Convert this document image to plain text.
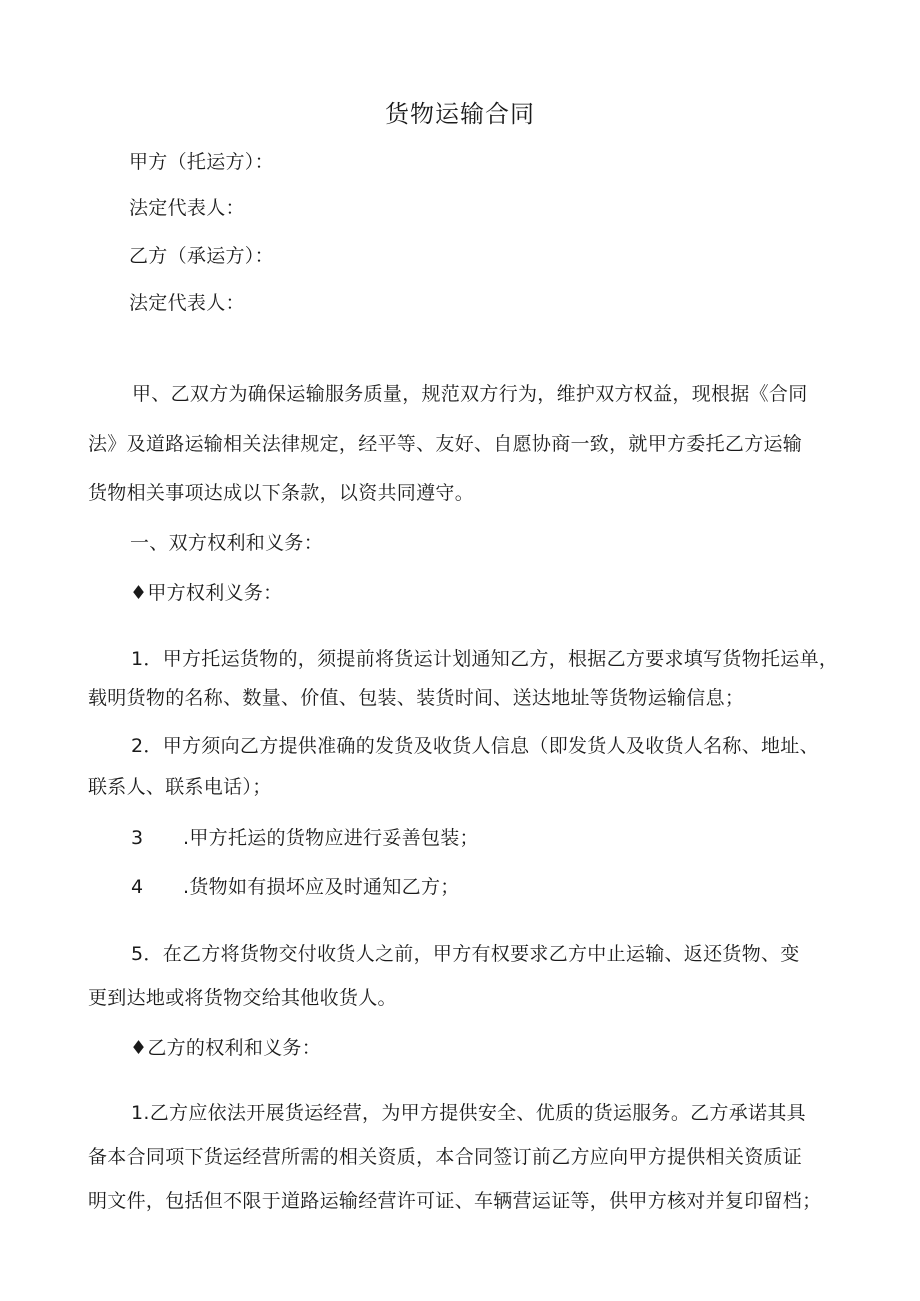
货物运输合同
甲方（托运方）：
法定代表人：
乙方（承运方）：
法定代表人：
甲、乙双方为确保运输服务质量，规范双方行为，维护双方权益，现根据《合同
法》及道路运输相关法律规定，经平等、友好、自愿协商一致，就甲方委托乙方运输
货物相关事项达成以下条款，以资共同遵守。
一、双方权利和义务：
♦甲方权利义务：
1．甲方托运货物的，须提前将货运计划通知乙方，根据乙方要求填写货物托运单，
载明货物的名称、数量、价值、包装、装货时间、送达地址等货物运输信息；
2．甲方须向乙方提供准确的发货及收货人信息（即发货人及收货人名称、地址、
联系人、联系电话）；
3 .甲方托运的货物应进行妥善包装；
4 .货物如有损坏应及时通知乙方；
5．在乙方将货物交付收货人之前，甲方有权要求乙方中止运输、返还货物、变
更到达地或将货物交给其他收货人。
♦乙方的权利和义务：
1.乙方应依法开展货运经营，为甲方提供安全、优质的货运服务。乙方承诺其具
备本合同项下货运经营所需的相关资质，本合同签订前乙方应向甲方提供相关资质证
明文件，包括但不限于道路运输经营许可证、车辆营运证等，供甲方核对并复印留档；
